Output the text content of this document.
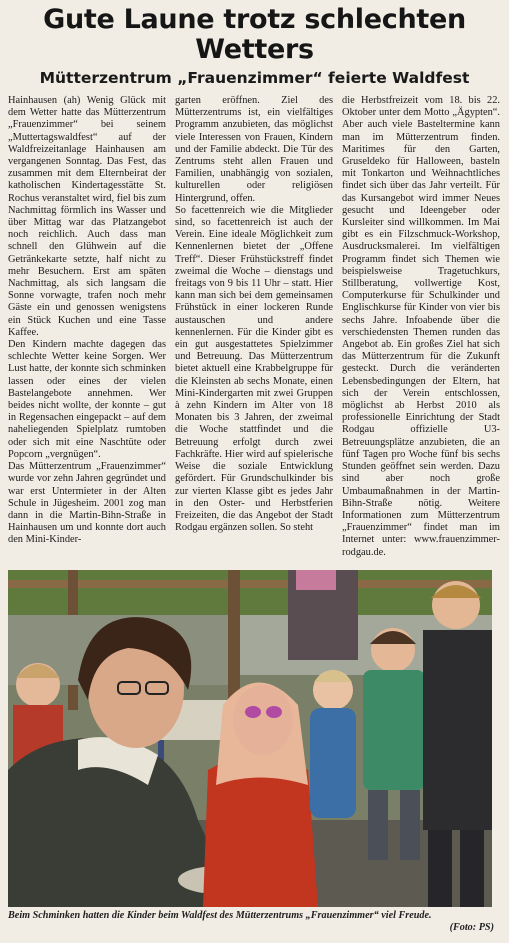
Gute Laune trotz schlechten
Wetters
Mütterzentrum „Frauenzimmer“ feierte Waldfest

Hainhausen (ah) Wenig Glück mit dem Wetter hatte das Mütterzentrum „Frauenzimmer“ bei seinem „Muttertagswaldfest“ auf der Waldfreizeitanlage Hainhausen am vergangenen Sonntag. Das Fest, das zusammen mit dem Elternbeirat der katholischen Kindertagesstätte St. Rochus veranstaltet wird, fiel bis zum Nachmittag förmlich ins Wasser und über Mittag war das Platzangebot noch reichlich. Auch dass man schnell den Glühwein auf die Getränkekarte setzte, half nicht zu mehr Besuchern. Erst am späten Nachmittag, als sich langsam die Sonne vorwagte, trafen noch mehr Gäste ein und genossen wenigstens ein Stück Kuchen und eine Tasse Kaffee.

Den Kindern machte dagegen das schlechte Wetter keine Sorgen. Wer Lust hatte, der konnte sich schminken lassen oder eines der vielen Bastelangebote annehmen. Wer beides nicht wollte, der konnte – gut in Regensachen eingepackt – auf dem naheliegenden Spielplatz rumtoben oder sich mit eine Naschtüte oder Popcorn „vergnügen“.

Das Mütterzentrum „Frauenzimmer“ wurde vor zehn Jahren gegründet und war erst Untermieter in der Alten Schule in Jügesheim. 2001 zog man dann in die Martin-Bihn-Straße in Hainhausen um und konnte dort auch den Mini-Kinder-

garten eröffnen. Ziel des Mütterzentrums ist, ein vielfältiges Programm anzubieten, das möglichst viele Interessen von Frauen, Kindern und der Familie abdeckt. Die Tür des Zentrums steht allen Frauen und Familien, unabhängig von sozialen, kulturellen oder religiösen Hintergrund, offen.

So facettenreich wie die Mitglieder sind, so facettenreich ist auch der Verein. Eine ideale Möglichkeit zum Kennenlernen bietet der „Offene Treff“. Dieser Frühstückstreff findet zweimal die Woche – dienstags und freitags von 9 bis 11 Uhr – statt. Hier kann man sich bei dem gemeinsamen Frühstück in einer lockeren Runde austauschen und andere kennenlernen. Für die Kinder gibt es ein gut ausgestattetes Spielzimmer und Betreuung. Das Mütterzentrum bietet aktuell eine Krabbelgruppe für die Kleinsten ab sechs Monate, einen Mini-Kindergarten mit zwei Gruppen à zehn Kindern im Alter von 18 Monaten bis 3 Jahren, der zweimal die Woche stattfindet und die Betreuung erfolgt durch zwei Fachkräfte. Hier wird auf spielerische Weise die soziale Entwicklung gefördert. Für Grundschulkinder bis zur vierten Klasse gibt es jedes Jahr in den Oster- und Herbstferien Freizeiten, die das Angebot der Stadt Rodgau ergänzen sollen. So steht

die Herbstfreizeit vom 18. bis 22. Oktober unter dem Motto „Ägypten“. Aber auch viele Basteltermine kann man im Mütterzentrum finden. Maritimes für den Garten, Gruseldeko für Halloween, basteln mit Tonkarton und Weihnachtliches findet sich über das Jahr verteilt. Für das Kursangebot wird immer Neues gesucht und Ideengeber oder Kursleiter sind willkommen. Im Mai gibt es ein Filzschmuck-Workshop, Ausdrucksmalerei. Im vielfältigen Programm findet sich Themen wie beispielsweise Tragetuchkurs, Stillberatung, vollwertige Kost, Computerkurse für Schulkinder und Englischkurse für Kinder von vier bis sechs Jahre. Infoabende über die verschiedensten Themen runden das Angebot ab. Ein großes Ziel hat sich das Mütterzentrum für die Zukunft gesteckt. Durch die veränderten Lebensbedingungen der Eltern, hat sich der Verein entschlossen, möglichst ab Herbst 2010 als professionelle Einrichtung der Stadt Rodgau offizielle U3-Betreuungsplätze anzubieten, die an fünf Tagen pro Woche fünf bis sechs Stunden geöffnet sein werden. Dazu sind aber noch große Umbaumaßnahmen in der Martin-Bihn-Straße nötig. Weitere Informationen zum Mütterzentrum „Frauenzimmer“ findet man im Internet unter: www.frauenzimmer-rodgau.de.

Beim Schminken hatten die Kinder beim Waldfest des Mütterzentrums „Frauenzimmer“ viel Freude.
(Foto: PS)
